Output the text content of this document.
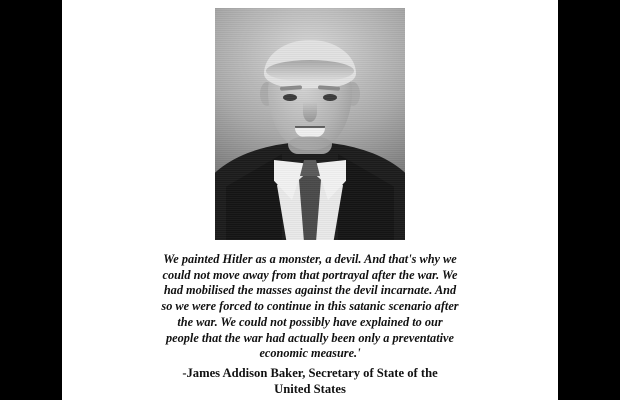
We painted Hitler as a monster, a devil. And that's why we could not move away from that portrayal after the war. We had mobilised the masses against the devil incarnate. And so we were forced to continue in this satanic scenario after the war. We could not possibly have explained to our people that the war had actually been only a preventative economic measure.'
-James Addison Baker, Secretary of State of the
United States
